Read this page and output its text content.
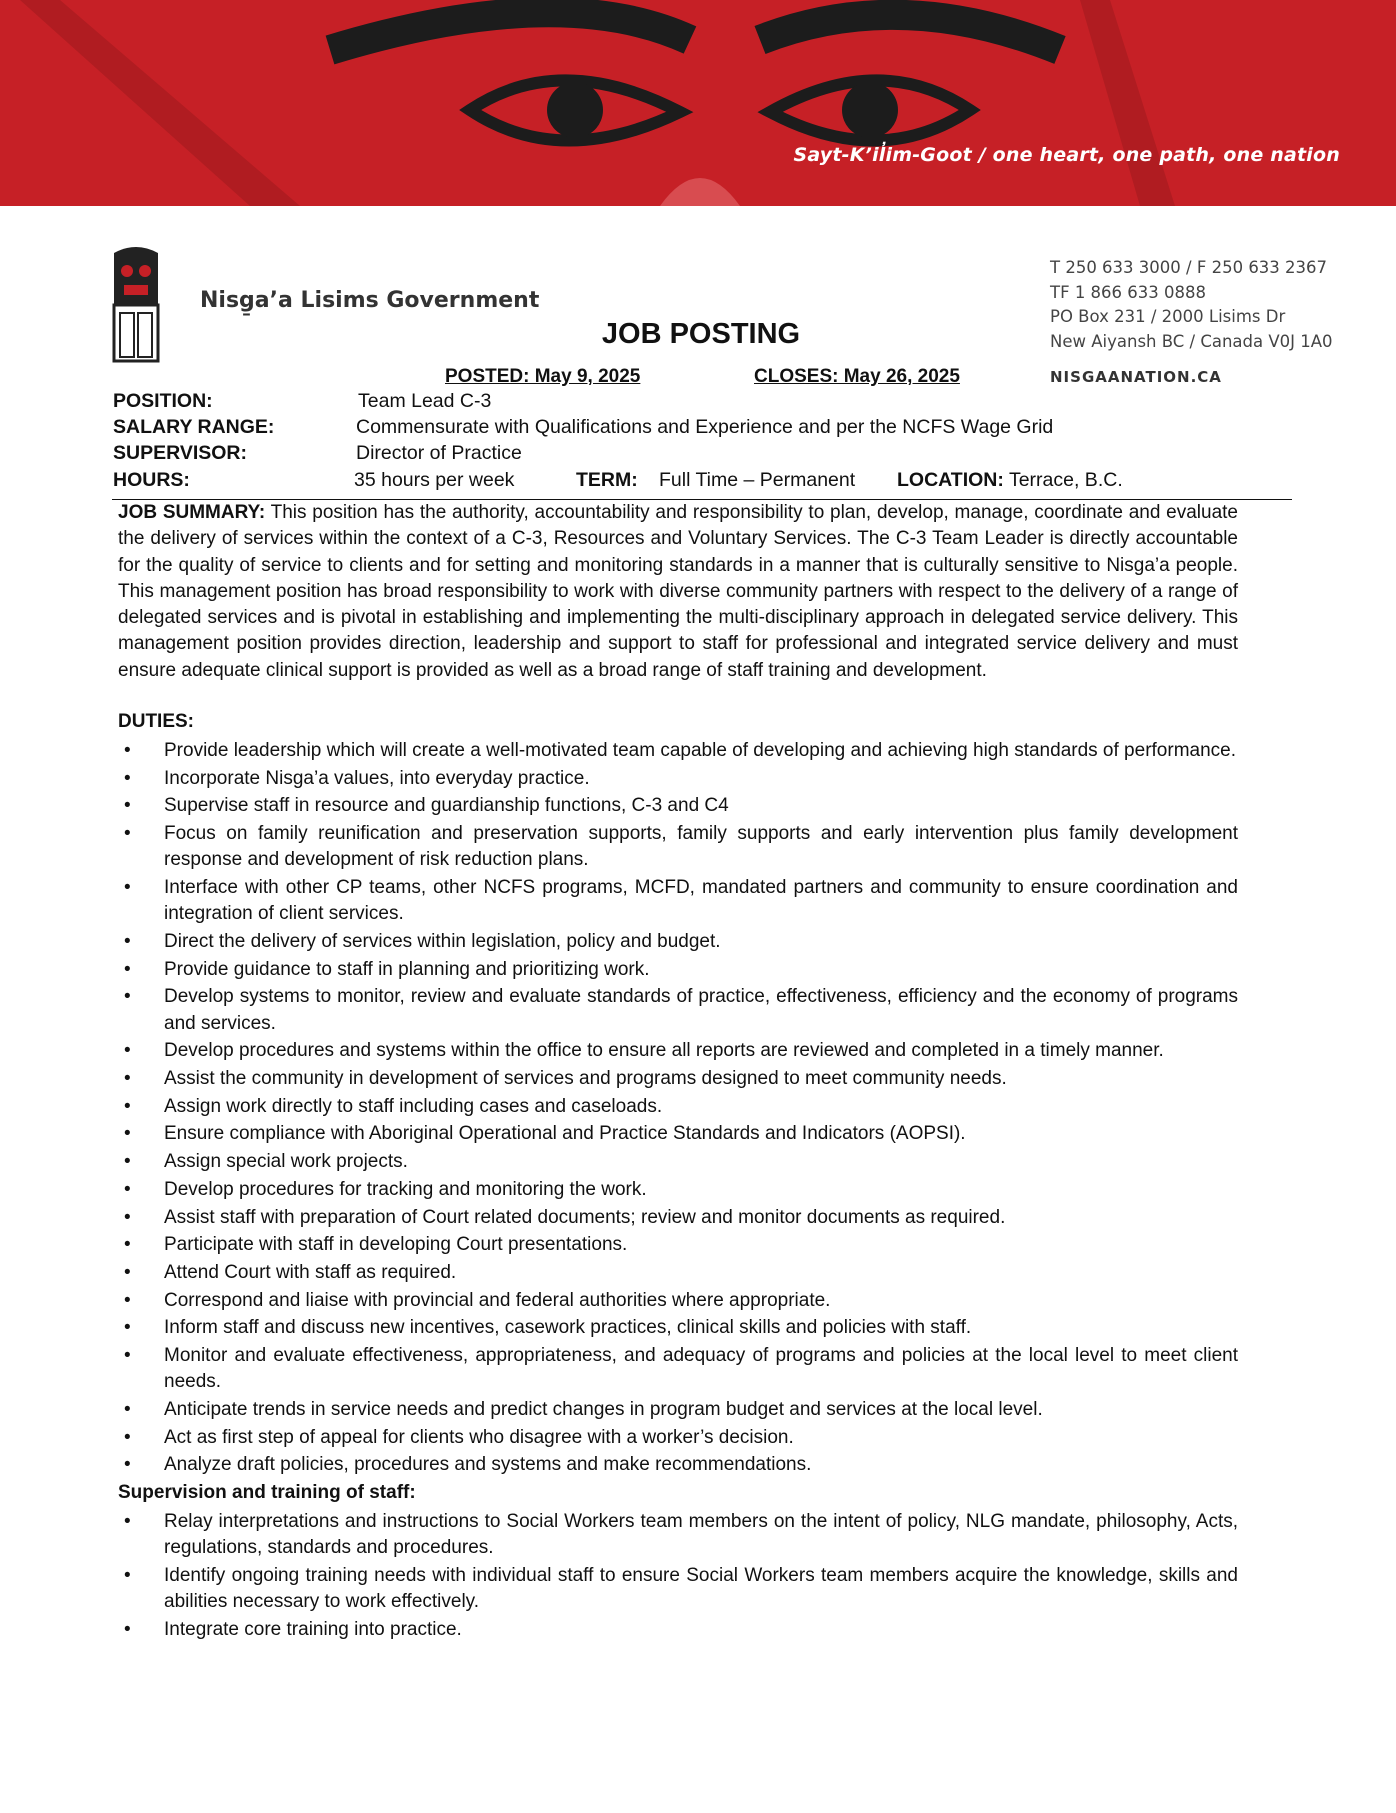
Sayt-K’il̓im-Goot / one heart, one path, one nation
Nisg̱a’a Lisims Government
T 250 633 3000 / F 250 633 2367
TF 1 866 633 0888
PO Box 231 / 2000 Lisims Dr
New Aiyansh BC / Canada V0J 1A0
NISGAANATION.CA
JOB POSTING
POSTED: May 9, 2025	CLOSES: May 26, 2025
POSITION:	Team Lead C-3
SALARY RANGE:	Commensurate with Qualifications and Experience and per the NCFS Wage Grid
SUPERVISOR:	Director of Practice
HOURS:	35 hours per week	TERM: Full Time – Permanent LOCATION: Terrace, B.C.
JOB SUMMARY: This position has the authority, accountability and responsibility to plan, develop, manage, coordinate and evaluate the delivery of services within the context of a C-3, Resources and Voluntary Services. The C-3 Team Leader is directly accountable for the quality of service to clients and for setting and monitoring standards in a manner that is culturally sensitive to Nisga’a people. This management position has broad responsibility to work with diverse community partners with respect to the delivery of a range of delegated services and is pivotal in establishing and implementing the multi-disciplinary approach in delegated service delivery. This management position provides direction, leadership and support to staff for professional and integrated service delivery and must ensure adequate clinical support is provided as well as a broad range of staff training and development.
DUTIES:
• Provide leadership which will create a well-motivated team capable of developing and achieving high standards of performance.
• Incorporate Nisga’a values, into everyday practice.
• Supervise staff in resource and guardianship functions, C-3 and C4
• Focus on family reunification and preservation supports, family supports and early intervention plus family development response and development of risk reduction plans.
• Interface with other CP teams, other NCFS programs, MCFD, mandated partners and community to ensure coordination and integration of client services.
• Direct the delivery of services within legislation, policy and budget.
• Provide guidance to staff in planning and prioritizing work.
• Develop systems to monitor, review and evaluate standards of practice, effectiveness, efficiency and the economy of programs and services.
• Develop procedures and systems within the office to ensure all reports are reviewed and completed in a timely manner.
• Assist the community in development of services and programs designed to meet community needs.
• Assign work directly to staff including cases and caseloads.
• Ensure compliance with Aboriginal Operational and Practice Standards and Indicators (AOPSI).
• Assign special work projects.
• Develop procedures for tracking and monitoring the work.
• Assist staff with preparation of Court related documents; review and monitor documents as required.
• Participate with staff in developing Court presentations.
• Attend Court with staff as required.
• Correspond and liaise with provincial and federal authorities where appropriate.
• Inform staff and discuss new incentives, casework practices, clinical skills and policies with staff.
• Monitor and evaluate effectiveness, appropriateness, and adequacy of programs and policies at the local level to meet client needs.
• Anticipate trends in service needs and predict changes in program budget and services at the local level.
• Act as first step of appeal for clients who disagree with a worker’s decision.
• Analyze draft policies, procedures and systems and make recommendations.
Supervision and training of staff:
• Relay interpretations and instructions to Social Workers team members on the intent of policy, NLG mandate, philosophy, Acts, regulations, standards and procedures.
• Identify ongoing training needs with individual staff to ensure Social Workers team members acquire the knowledge, skills and abilities necessary to work effectively.
• Integrate core training into practice.
